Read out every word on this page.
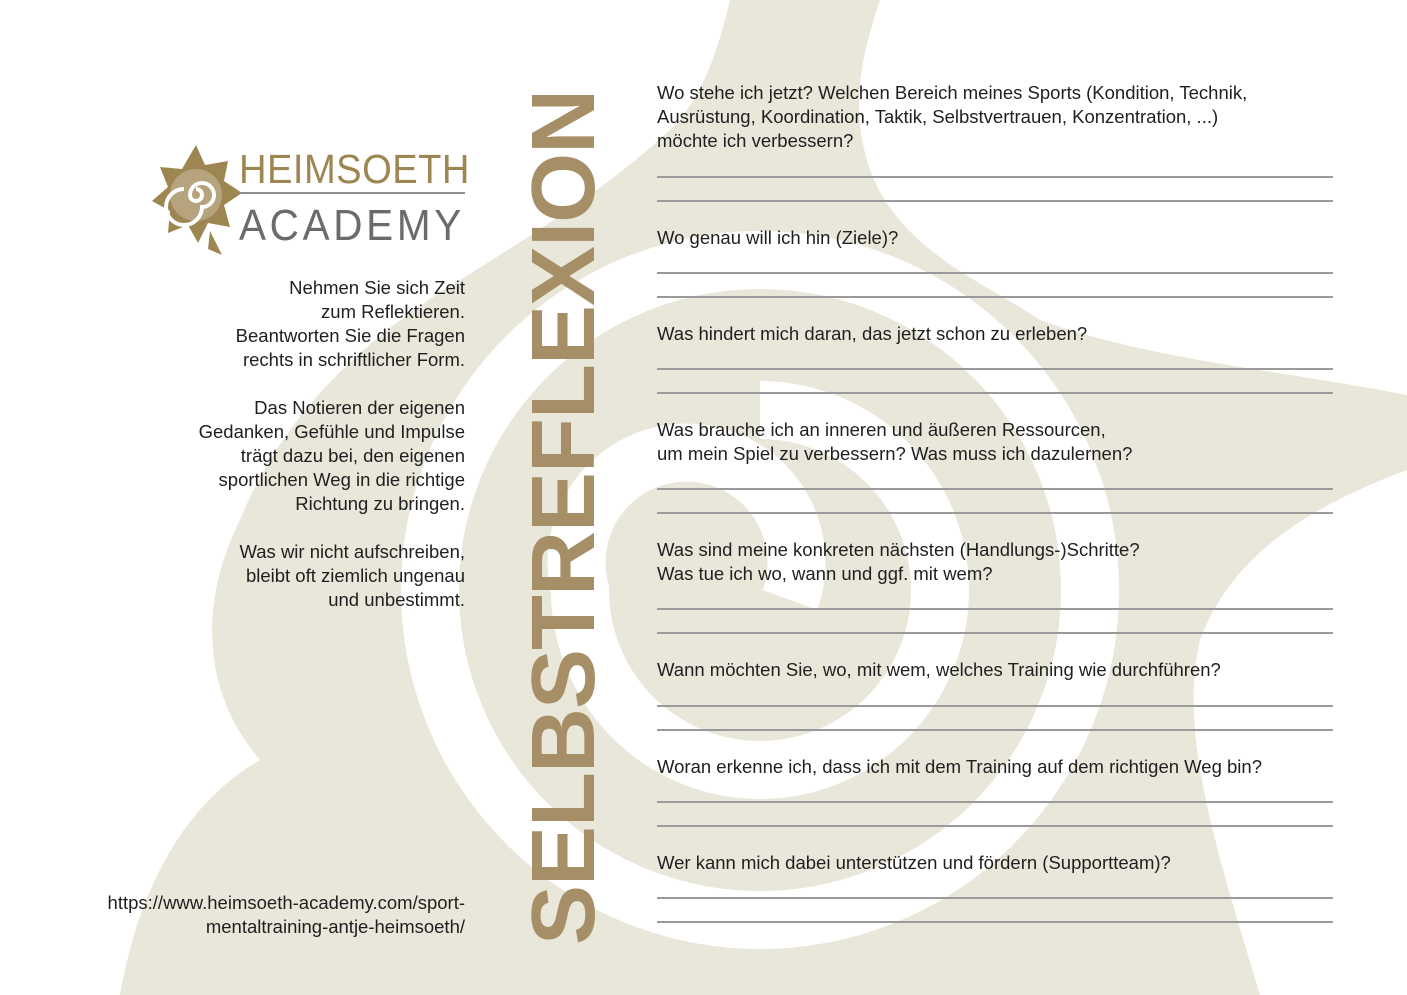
HEIMSOETH
ACADEMY

Nehmen Sie sich Zeit
zum Reflektieren.
Beantworten Sie die Fragen
rechts in schriftlicher Form.

Das Notieren der eigenen
Gedanken, Gefühle und Impulse
trägt dazu bei, den eigenen
sportlichen Weg in die richtige
Richtung zu bringen.

Was wir nicht aufschreiben,
bleibt oft ziemlich ungenau
und unbestimmt.

https://www.heimsoeth-academy.com/sport-
mentaltraining-antje-heimsoeth/ SELBSTREFLEXION Wo stehe ich jetzt? Welchen Bereich meines Sports (Kondition, Technik,
Ausrüstung, Koordination, Taktik, Selbstvertrauen, Konzentration, ...)
möchte ich verbessern?
Wo genau will ich hin (Ziele)?
Was hindert mich daran, das jetzt schon zu erleben?
Was brauche ich an inneren und äußeren Ressourcen,
um mein Spiel zu verbessern? Was muss ich dazulernen?
Was sind meine konkreten nächsten (Handlungs-)Schritte?
Was tue ich wo, wann und ggf. mit wem?
Wann möchten Sie, wo, mit wem, welches Training wie durchführen?
Woran erkenne ich, dass ich mit dem Training auf dem richtigen Weg bin?
Wer kann mich dabei unterstützen und fördern (Supportteam)?
